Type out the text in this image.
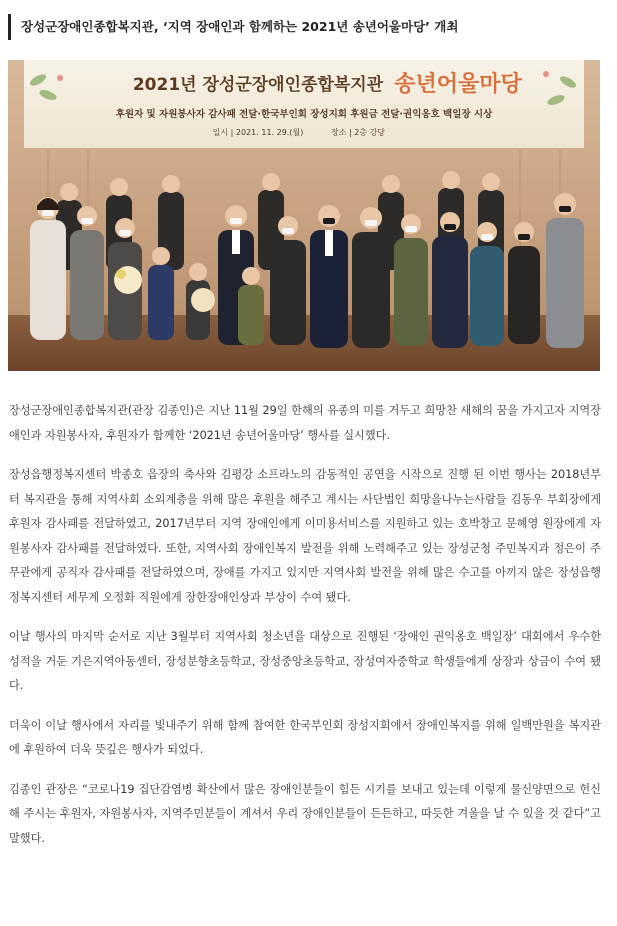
장성군장애인종합복지관, ‘지역 장애인과 함께하는 2021년 송년어울마당’ 개최
2021년 장성군장애인종합복지관 송년어울마당
후원자 및 자원봉사자 감사패 전달·한국부인회 장성지회 후원금 전달·권익옹호 백일장 시상
일시 | 2021. 11. 29.(월)	장소 | 2층 강당

장성군장애인종합복지관(관장 김종인)은 지난 11월 29일 한해의 유종의 미를 거두고 희망찬 새해의 꿈을 가지고자 지역장애인과 자원봉사자, 후원자가 함께한 ‘2021년 송년어울마당’ 행사를 실시했다.

장성읍행정복지센터 박종호 읍장의 축사와 김평강 소프라노의 감동적인 공연을 시작으로 진행 된 이번 행사는 2018년부터 복지관을 통해 지역사회 소외계층을 위해 많은 후원을 해주고 계시는 사단법인 희망을나누는사람들 김동우 부회장에게 후원자 감사패를 전달하였고, 2017년부터 지역 장애인에게 이미용서비스를 지원하고 있는 호박창고 문혜영 원장에게 자원봉사자 감사패를 전달하였다. 또한, 지역사회 장애인복지 발전을 위해 노력해주고 있는 장성군청 주민복지과 정은이 주무관에게 공직자 감사패를 전달하였으며, 장애를 가지고 있지만 지역사회 발전을 위해 많은 수고를 아끼지 않은 장성읍행정복지센터 세무계 오정화 직원에게 장한장애인상과 부상이 수여 됐다.

이날 행사의 마지막 순서로 지난 3월부터 지역사회 청소년을 대상으로 진행된 ‘장애인 권익옹호 백일장’ 대회에서 우수한 성적을 거둔 기은지역아동센터, 장성분향초등학교, 장성중앙초등학교, 장성여자중학교 학생들에게 상장과 상금이 수여 됐다.

더욱이 이날 행사에서 자리를 빛내주기 위해 함께 참여한 한국부인회 장성지회에서 장애인복지를 위해 일백만원을 복지관에 후원하여 더욱 뜻깊은 행사가 되었다.

김종인 관장은 “코로나19 집단감염병 확산에서 많은 장애인분들이 힘든 시기를 보내고 있는데 이렇게 물신양면으로 헌신해 주시는 후원자, 자원봉사자, 지역주민분들이 계셔서 우리 장애인분들이 든든하고, 따듯한 겨울을 날 수 있을 것 같다”고 말했다.
